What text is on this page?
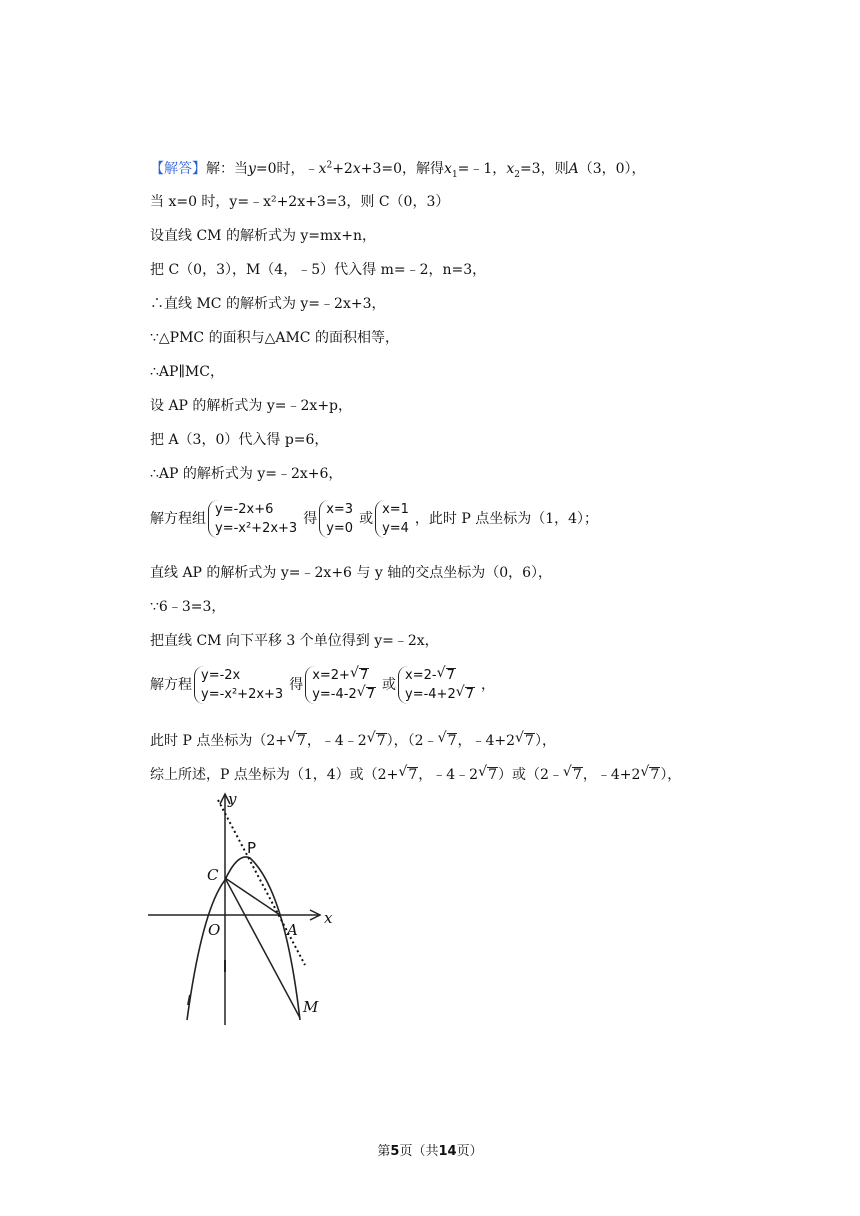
【解答】解：当y=0时，$﹣x^2+2x+3=0$，解得$x_1=﹣1$，$x_2=3$，则A（3，0），
当 x=0 时，y=﹣x²+2x+3=3，则 C（0，3）
设直线 CM 的解析式为 y=mx+n，
把 C（0，3），M（4，﹣5）代入得 m=﹣2，n=3，
∴直线 MC 的解析式为 y=﹣2x+3，
∵△PMC 的面积与△AMC 的面积相等，
∴AP∥MC，
设 AP 的解析式为 y=﹣2x+p，
把 A（3，0）代入得 p=6，
∴AP 的解析式为 y=﹣2x+6，
解方程组
y=-2x+6
y=-x²+2x+3
得
x=3
y=0
或
x=1
y=4
，此时 P 点坐标为（1，4）；
直线 AP 的解析式为 y=﹣2x+6 与 y 轴的交点坐标为（0，6），
∵6﹣3=3，
把直线 CM 向下平移 3 个单位得到 y=﹣2x，
解方程
y=-2x
y=-x²+2x+3
得
x=2+ √ 7
y=-4-2 √ 7
或
x=2- √ 7
y=-4+2 √ 7
，
此时 P 点坐标为（2+ √ 7，﹣4﹣2 √ 7），（2﹣ √ 7，﹣4+2 √ 7），
综上所述，P 点坐标为（1，4）或（2+ √ 7，﹣4﹣2 √ 7）或（2﹣ √ 7，﹣4+2 √ 7），
y
x
P
C
O	A
M
第5页（共14页）
